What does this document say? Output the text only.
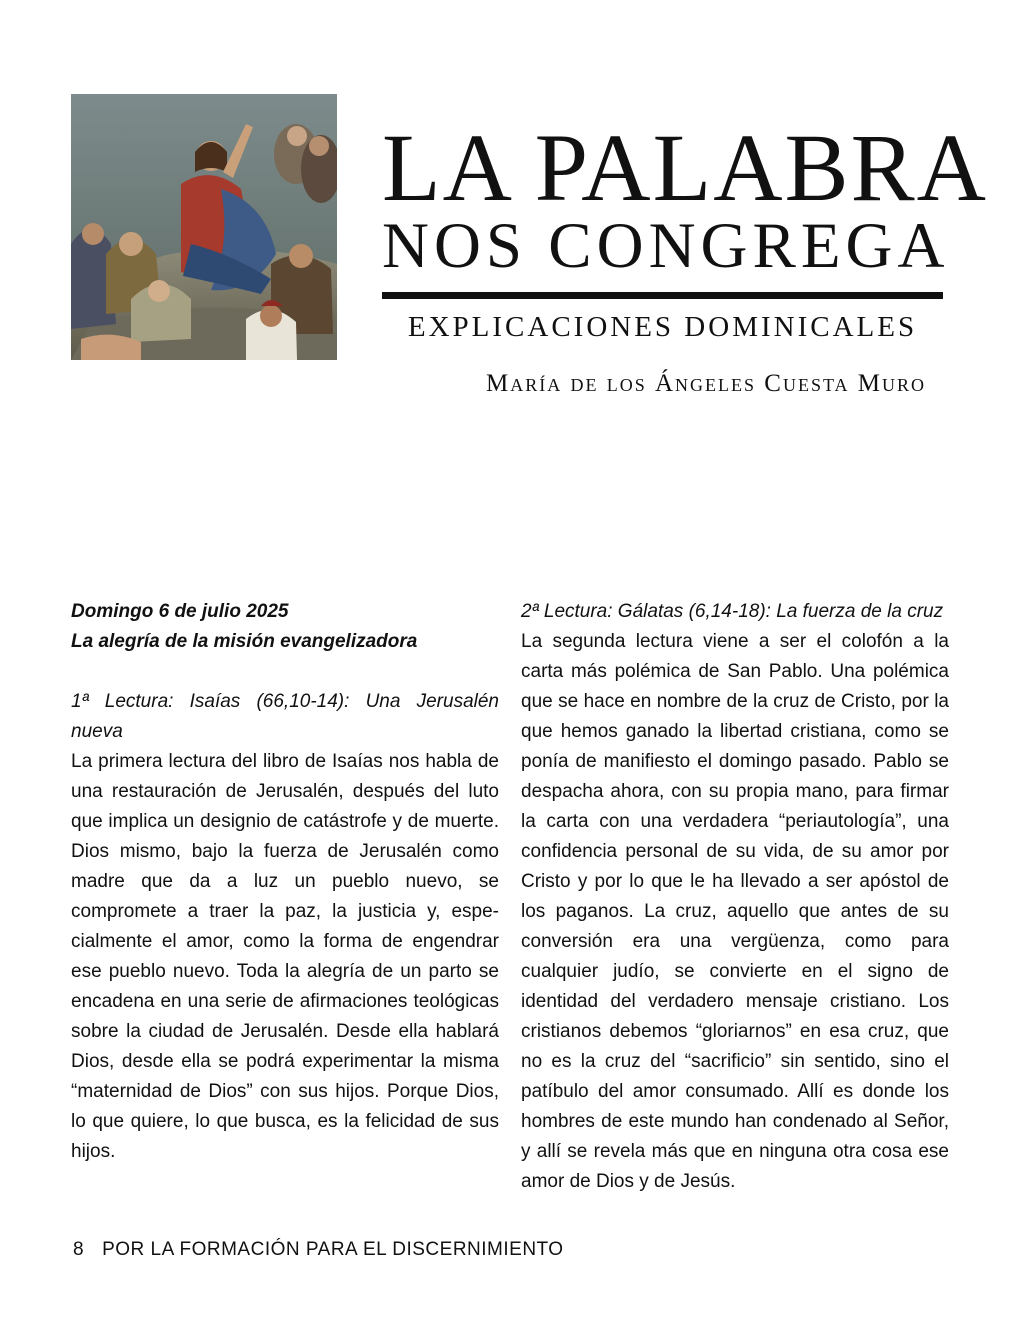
LA PALABRA
NOS CONGREGA
EXPLICACIONES DOMINICALES
María de los Ángeles Cuesta Muro

Domingo 6 de julio 2025

La alegría de la misión evangelizadora

1ª Lectura: Isaías (66,10-14): Una Jerusalén nueva

La primera lectura del libro de Isaías nos habla de una restauración de Jerusalén, después del luto que implica un designio de catástrofe y de muerte. Dios mismo, bajo la fuerza de Jerusalén como madre que da a luz un pueblo nuevo, se compromete a traer la paz, la justicia y, especialmente el amor, como la forma de engendrar ese pueblo nuevo. Toda la alegría de un parto se encadena en una serie de afirmaciones teológicas sobre la ciudad de Jerusalén. Desde ella hablará Dios, desde ella se podrá experimentar la misma “maternidad de Dios” con sus hijos. Porque Dios, lo que quiere, lo que busca, es la felicidad de sus hijos.

2ª Lectura: Gálatas (6,14-18): La fuerza de la cruz

La segunda lectura viene a ser el colofón a la carta más polémica de San Pablo. Una polémica que se hace en nombre de la cruz de Cristo, por la que hemos ganado la libertad cristiana, como se ponía de manifiesto el domingo pasado. Pablo se despacha ahora, con su propia mano, para firmar la carta con una verdadera “periautología”, una confidencia personal de su vida, de su amor por Cristo y por lo que le ha llevado a ser apóstol de los paganos. La cruz, aquello que antes de su conversión era una vergüenza, como para cualquier judío, se convierte en el signo de identidad del verdadero mensaje cristiano. Los cristianos debemos “gloriarnos” en esa cruz, que no es la cruz del “sacrificio” sin sentido, sino el patíbulo del amor consumado. Allí es donde los hombres de este mundo han condenado al Señor, y allí se revela más que en ninguna otra cosa ese amor de Dios y de Jesús.

8 POR LA FORMACIÓN PARA EL DISCERNIMIENTO
